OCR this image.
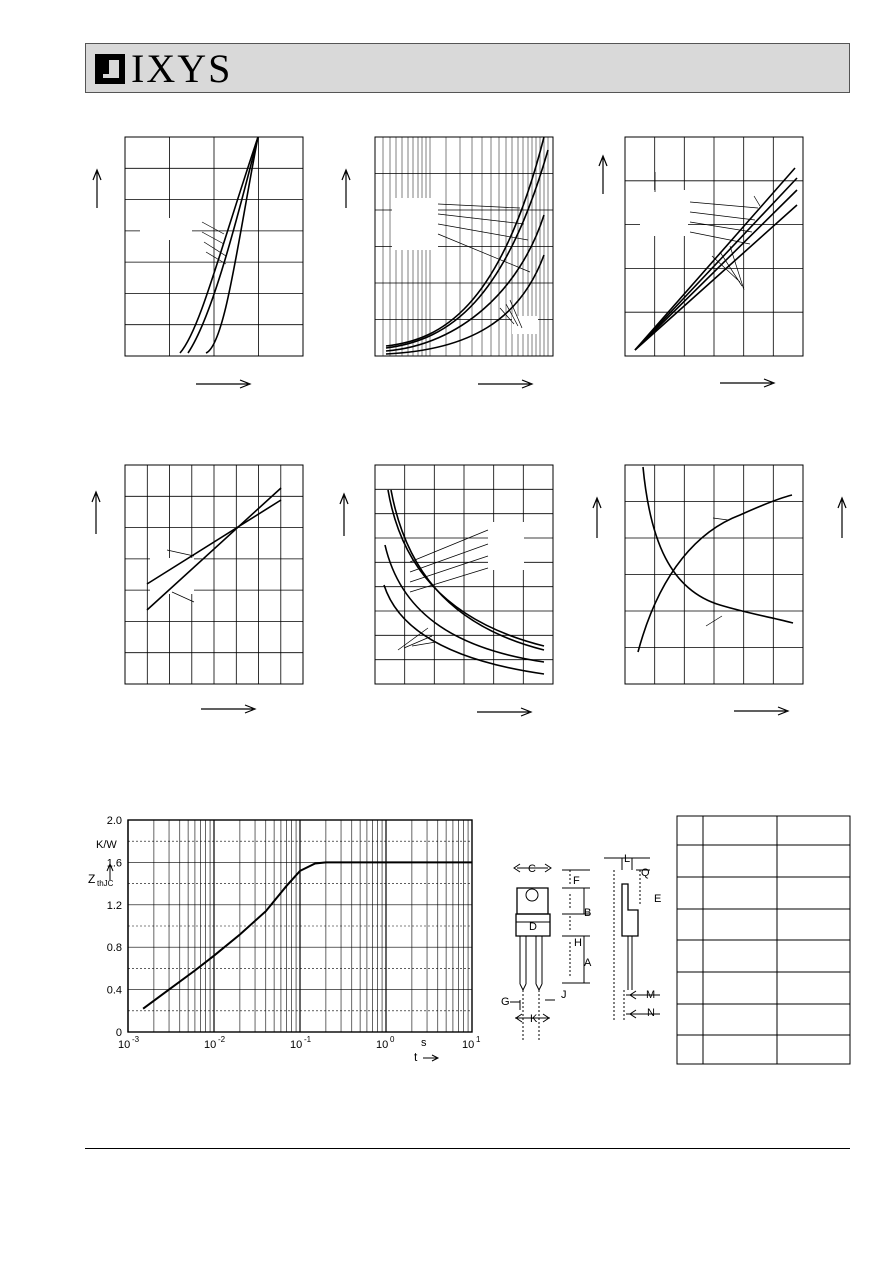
IXYS
0
0.4
0.8
1.2
1.6
2.0
10 -3	10 -2	10 -1	10 0	10 1
K/W
Z thJC
s
t
C
F
B
D
H
A
G
J
K
L
Q
E
M
N
